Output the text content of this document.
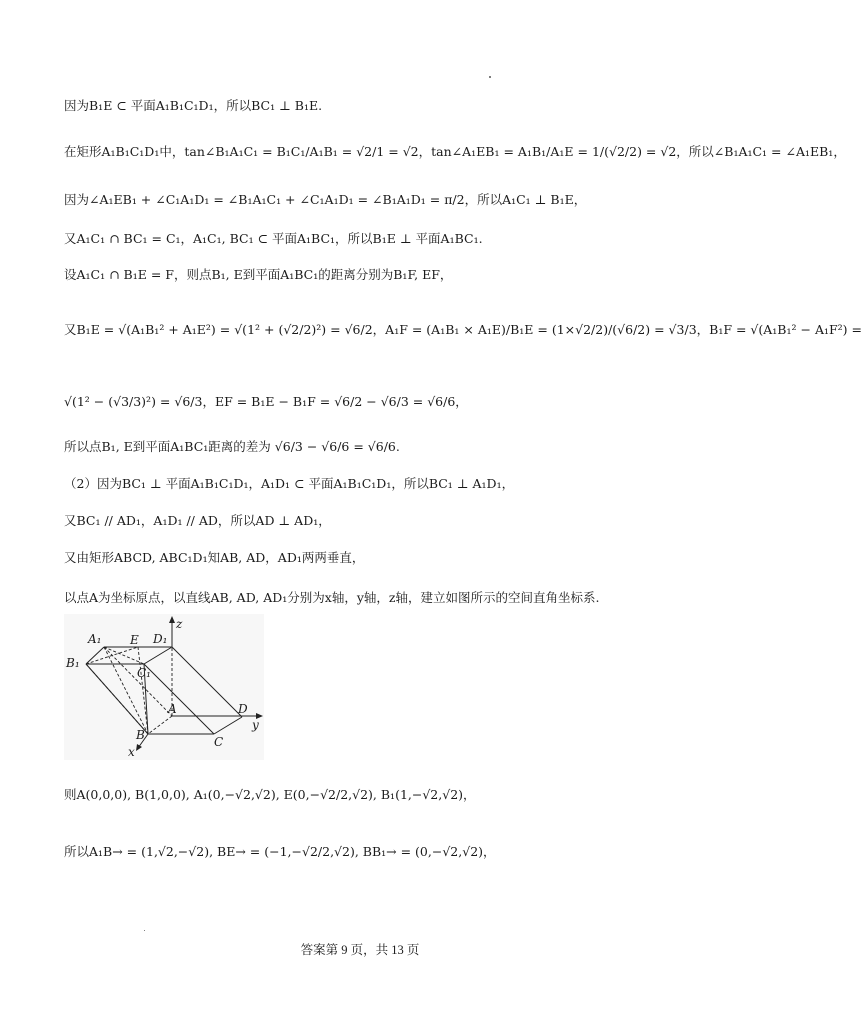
因为B₁E ⊂ 平面A₁B₁C₁D₁，所以BC₁ ⊥ B₁E.
在矩形A₁B₁C₁D₁中，tan∠B₁A₁C₁ = B₁C₁/A₁B₁ = √2/1 = √2，tan∠A₁EB₁ = A₁B₁/A₁E = 1/(√2/2) = √2，所以∠B₁A₁C₁ = ∠A₁EB₁，
因为∠A₁EB₁ + ∠C₁A₁D₁ = ∠B₁A₁C₁ + ∠C₁A₁D₁ = ∠B₁A₁D₁ = π/2，所以A₁C₁ ⊥ B₁E，
又A₁C₁ ∩ BC₁ = C₁，A₁C₁, BC₁ ⊂ 平面A₁BC₁，所以B₁E ⊥ 平面A₁BC₁.
设A₁C₁ ∩ B₁E = F，则点B₁, E到平面A₁BC₁的距离分别为B₁F, EF，
又B₁E = √(A₁B₁² + A₁E²) = √(1² + (√2/2)²) = √6/2，A₁F = (A₁B₁ × A₁E)/B₁E = (1×√2/2)/(√6/2) = √3/3，B₁F = √(A₁B₁² − A₁F²) =
√(1² − (√3/3)²) = √6/3，EF = B₁E − B₁F = √6/2 − √6/3 = √6/6，
所以点B₁, E到平面A₁BC₁距离的差为 √6/3 − √6/6 = √6/6.
（2）因为BC₁ ⊥ 平面A₁B₁C₁D₁，A₁D₁ ⊂ 平面A₁B₁C₁D₁，所以BC₁ ⊥ A₁D₁，
又BC₁ // AD₁，A₁D₁ // AD，所以AD ⊥ AD₁，
又由矩形ABCD, ABC₁D₁知AB, AD，AD₁两两垂直，
以点A为坐标原点，以直线AB, AD, AD₁分别为x轴，y轴，z轴，建立如图所示的空间直角坐标系.
A₁ E D₁
z
B₁
C₁
A	D
y
B	C
x
则A(0,0,0), B(1,0,0), A₁(0,−√2,√2), E(0,−√2/2,√2), B₁(1,−√2,√2)，
所以A₁B→ = (1,√2,−√2), BE→ = (−1,−√2/2,√2), BB₁→ = (0,−√2,√2)，
答案第 9 页，共 13 页
